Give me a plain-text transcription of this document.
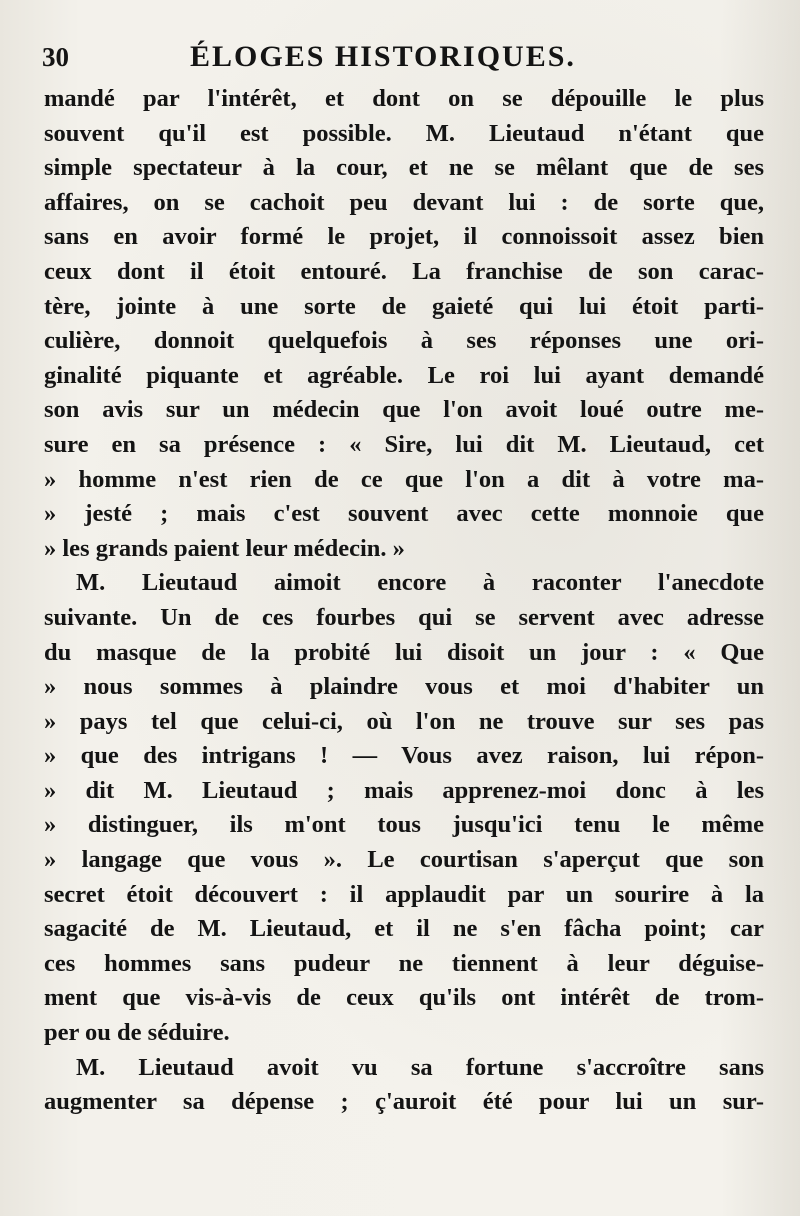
30	ÉLOGES HISTORIQUES.
mandé par l'intérêt, et dont on se dépouille le plus
souvent qu'il est possible. M. Lieutaud n'étant que
simple spectateur à la cour, et ne se mêlant que de ses
affaires, on se cachoit peu devant lui : de sorte que,
sans en avoir formé le projet, il connoissoit assez bien
ceux dont il étoit entouré. La franchise de son carac-
tère, jointe à une sorte de gaieté qui lui étoit parti-
culière, donnoit quelquefois à ses réponses une ori-
ginalité piquante et agréable. Le roi lui ayant demandé
son avis sur un médecin que l'on avoit loué outre me-
sure en sa présence : « Sire, lui dit M. Lieutaud, cet
» homme n'est rien de ce que l'on a dit à votre ma-
» jesté ; mais c'est souvent avec cette monnoie que
» les grands paient leur médecin. »
M. Lieutaud aimoit encore à raconter l'anecdote
suivante. Un de ces fourbes qui se servent avec adresse
du masque de la probité lui disoit un jour : « Que
» nous sommes à plaindre vous et moi d'habiter un
» pays tel que celui-ci, où l'on ne trouve sur ses pas
» que des intrigans ! — Vous avez raison, lui répon-
» dit M. Lieutaud ; mais apprenez-moi donc à les
» distinguer, ils m'ont tous jusqu'ici tenu le même
» langage que vous ». Le courtisan s'aperçut que son
secret étoit découvert : il applaudit par un sourire à la
sagacité de M. Lieutaud, et il ne s'en fâcha point; car
ces hommes sans pudeur ne tiennent à leur déguise-
ment que vis-à-vis de ceux qu'ils ont intérêt de trom-
per ou de séduire.
M. Lieutaud avoit vu sa fortune s'accroître sans
augmenter sa dépense ; ç'auroit été pour lui un sur-
